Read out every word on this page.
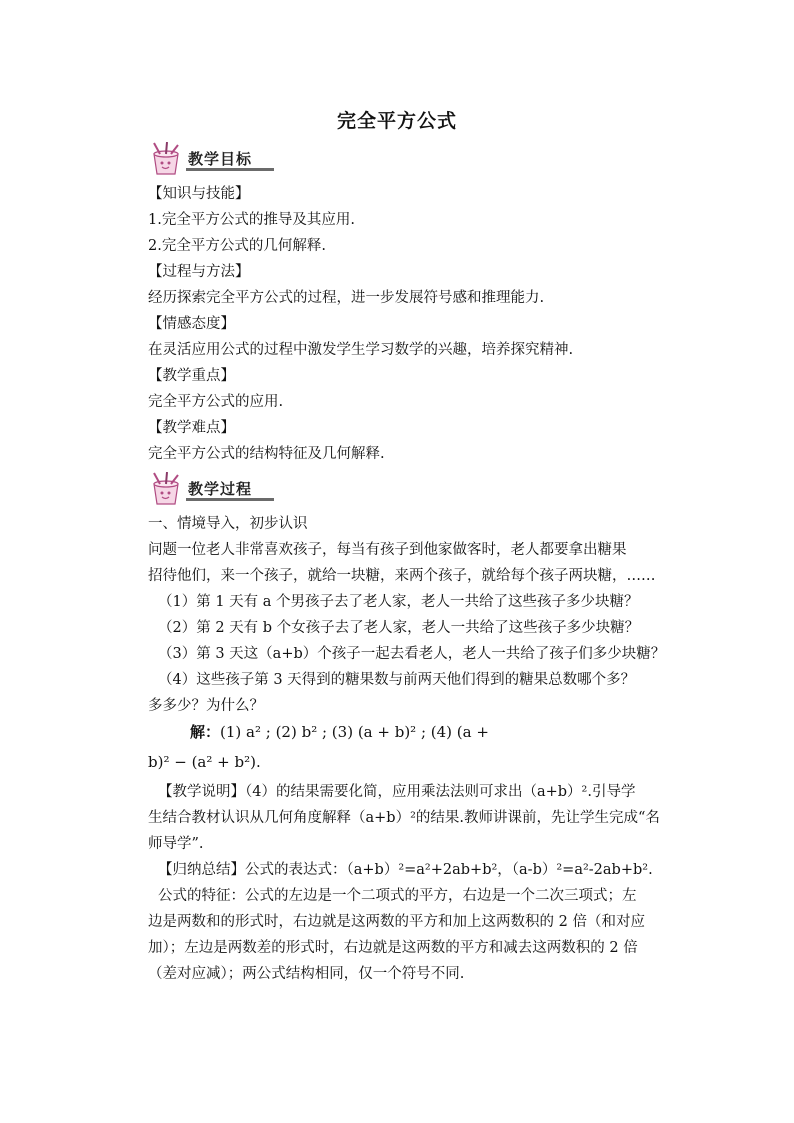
完全平方公式
教学目标
【知识与技能】
1.完全平方公式的推导及其应用.
2.完全平方公式的几何解释.
【过程与方法】
经历探索完全平方公式的过程，进一步发展符号感和推理能力.
【情感态度】
在灵活应用公式的过程中激发学生学习数学的兴趣，培养探究精神.
【教学重点】
完全平方公式的应用.
【教学难点】
完全平方公式的结构特征及几何解释.
教学过程
一、情境导入，初步认识
问题一位老人非常喜欢孩子，每当有孩子到他家做客时，老人都要拿出糖果
招待他们，来一个孩子，就给一块糖，来两个孩子，就给每个孩子两块糖，……
（1）第 1 天有 a 个男孩子去了老人家，老人一共给了这些孩子多少块糖？
（2）第 2 天有 b 个女孩子去了老人家，老人一共给了这些孩子多少块糖？
（3）第 3 天这（a+b）个孩子一起去看老人，老人一共给了孩子们多少块糖？
（4）这些孩子第 3 天得到的糖果数与前两天他们得到的糖果总数哪个多？
多多少？为什么？
解：(1) a² ; (2) b² ; (3) (a + b)² ; (4) (a +
b)² − (a² + b²).
【教学说明】（4）的结果需要化简，应用乘法法则可求出（a+b）².引导学
生结合教材认识从几何角度解释（a+b）²的结果.教师讲课前，先让学生完成“名
师导学”.
【归纳总结】公式的表达式：（a+b）²=a²+2ab+b²，（a-b）²=a²-2ab+b².
公式的特征：公式的左边是一个二项式的平方，右边是一个二次三项式；左
边是两数和的形式时，右边就是这两数的平方和加上这两数积的 2 倍（和对应
加）；左边是两数差的形式时，右边就是这两数的平方和减去这两数积的 2 倍
（差对应减）；两公式结构相同，仅一个符号不同.
